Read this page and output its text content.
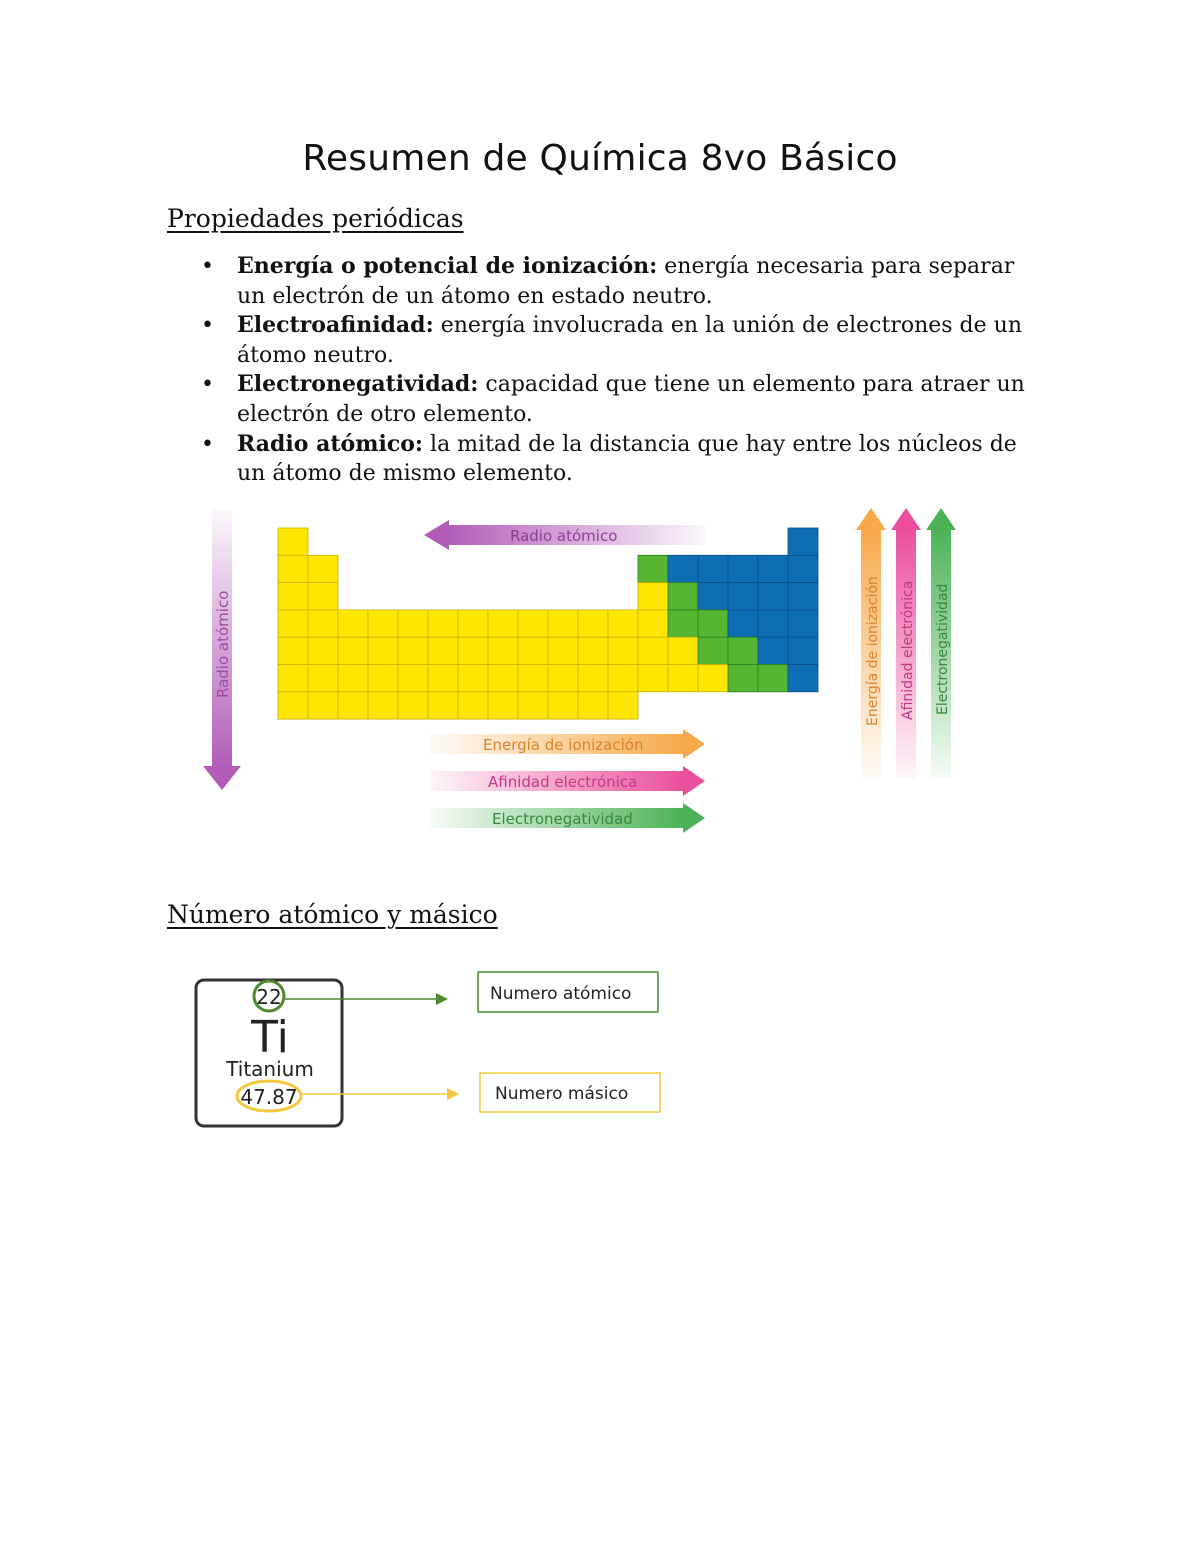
Resumen de Química 8vo Básico
Propiedades periódicas
• Energía o potencial de ionización: energía necesaria para separar un electrón de un átomo en estado neutro.
• Electroafinidad: energía involucrada en la unión de electrones de un átomo neutro.
• Electronegatividad: capacidad que tiene un elemento para atraer un electrón de otro elemento.
• Radio atómico: la mitad de la distancia que hay entre los núcleos de un átomo de mismo elemento.
Radio atómico
Radio atómico
Energía de ionización
Afinidad electrónica
Electronegatividad
Energía de ionización Afinidad electrónica Electronegatividad
Número atómico y másico
22
Ti
Titanium
47.87
Numero atómico
Numero másico
